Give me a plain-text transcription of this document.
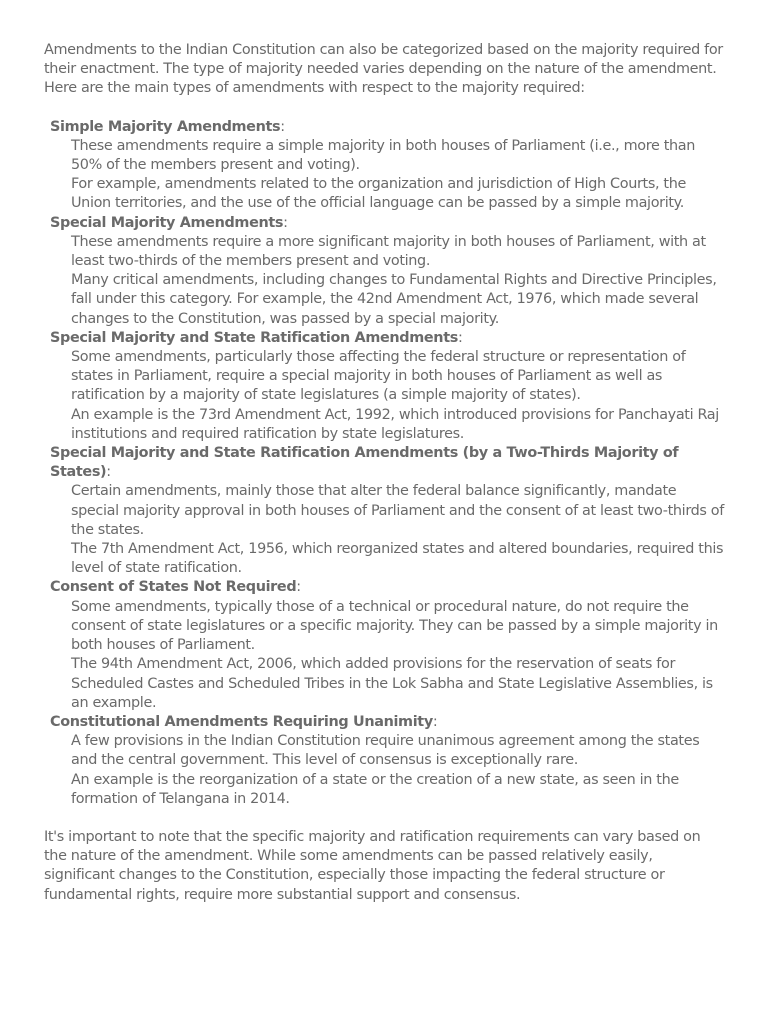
Amendments to the Indian Constitution can also be categorized based on the majority required for their enactment. The type of majority needed varies depending on the nature of the amendment. Here are the main types of amendments with respect to the majority required:

Simple Majority Amendments:
These amendments require a simple majority in both houses of Parliament (i.e., more than 50% of the members present and voting).
For example, amendments related to the organization and jurisdiction of High Courts, the Union territories, and the use of the official language can be passed by a simple majority.
Special Majority Amendments:
These amendments require a more significant majority in both houses of Parliament, with at least two-thirds of the members present and voting.
Many critical amendments, including changes to Fundamental Rights and Directive Principles, fall under this category. For example, the 42nd Amendment Act, 1976, which made several changes to the Constitution, was passed by a special majority.
Special Majority and State Ratification Amendments:
Some amendments, particularly those affecting the federal structure or representation of states in Parliament, require a special majority in both houses of Parliament as well as ratification by a majority of state legislatures (a simple majority of states).
An example is the 73rd Amendment Act, 1992, which introduced provisions for Panchayati Raj institutions and required ratification by state legislatures.
Special Majority and State Ratification Amendments (by a Two-Thirds Majority of States):
Certain amendments, mainly those that alter the federal balance significantly, mandate special majority approval in both houses of Parliament and the consent of at least two-thirds of the states.
The 7th Amendment Act, 1956, which reorganized states and altered boundaries, required this level of state ratification.
Consent of States Not Required:
Some amendments, typically those of a technical or procedural nature, do not require the consent of state legislatures or a specific majority. They can be passed by a simple majority in both houses of Parliament.
The 94th Amendment Act, 2006, which added provisions for the reservation of seats for Scheduled Castes and Scheduled Tribes in the Lok Sabha and State Legislative Assemblies, is an example.
Constitutional Amendments Requiring Unanimity:
A few provisions in the Indian Constitution require unanimous agreement among the states and the central government. This level of consensus is exceptionally rare.
An example is the reorganization of a state or the creation of a new state, as seen in the formation of Telangana in 2014.

It's important to note that the specific majority and ratification requirements can vary based on the nature of the amendment. While some amendments can be passed relatively easily, significant changes to the Constitution, especially those impacting the federal structure or fundamental rights, require more substantial support and consensus.
